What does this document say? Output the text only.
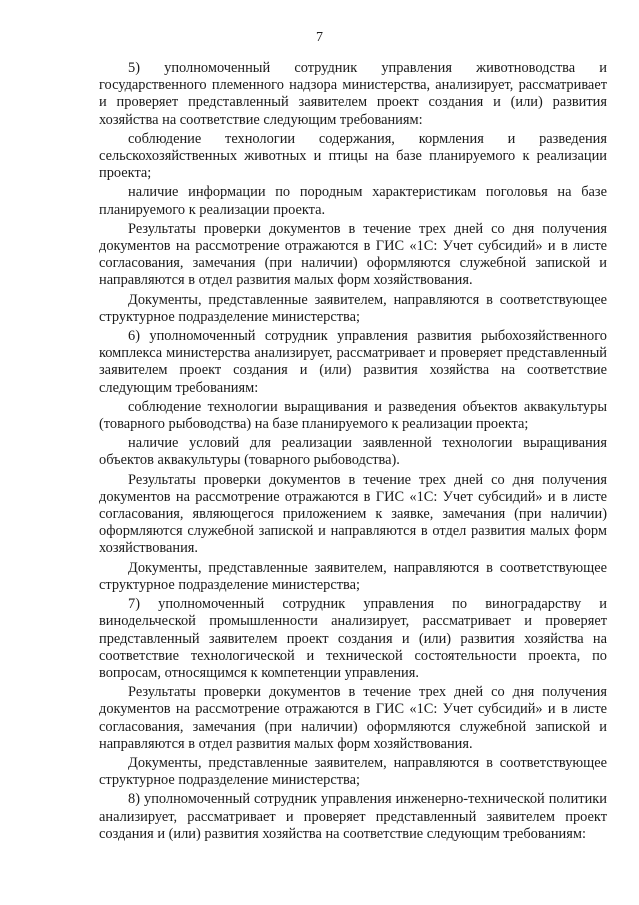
7

5) уполномоченный сотрудник управления животноводства и государственного племенного надзора министерства, анализирует, рассматривает и проверяет представленный заявителем проект создания и (или) развития хозяйства на соответствие следующим требованиям:

соблюдение технологии содержания, кормления и разведения сельскохозяйственных животных и птицы на базе планируемого к реализации проекта;

наличие информации по породным характеристикам поголовья на базе планируемого к реализации проекта.

Результаты проверки документов в течение трех дней со дня получения документов на рассмотрение отражаются в ГИС «1С: Учет субсидий» и в листе согласования, замечания (при наличии) оформляются служебной запиской и направляются в отдел развития малых форм хозяйствования.

Документы, представленные заявителем, направляются в соответствующее структурное подразделение министерства;

6) уполномоченный сотрудник управления развития рыбохозяйственного комплекса министерства анализирует, рассматривает и проверяет представленный заявителем проект создания и (или) развития хозяйства на соответствие следующим требованиям:

соблюдение технологии выращивания и разведения объектов аквакультуры (товарного рыбоводства) на базе планируемого к реализации проекта;

наличие условий для реализации заявленной технологии выращивания объектов аквакультуры (товарного рыбоводства).

Результаты проверки документов в течение трех дней со дня получения документов на рассмотрение отражаются в ГИС «1С: Учет субсидий» и в листе согласования, являющегося приложением к заявке, замечания (при наличии) оформляются служебной запиской и направляются в отдел развития малых форм хозяйствования.

Документы, представленные заявителем, направляются в соответствующее структурное подразделение министерства;

7) уполномоченный сотрудник управления по виноградарству и винодельческой промышленности анализирует, рассматривает и проверяет представленный заявителем проект создания и (или) развития хозяйства на соответствие технологической и технической состоятельности проекта, по вопросам, относящимся к компетенции управления.

Результаты проверки документов в течение трех дней со дня получения документов на рассмотрение отражаются в ГИС «1С: Учет субсидий» и в листе согласования, замечания (при наличии) оформляются служебной запиской и направляются в отдел развития малых форм хозяйствования.

Документы, представленные заявителем, направляются в соответствующее структурное подразделение министерства;

8) уполномоченный сотрудник управления инженерно-технической политики анализирует, рассматривает и проверяет представленный заявителем проект создания и (или) развития хозяйства на соответствие следующим требованиям:
